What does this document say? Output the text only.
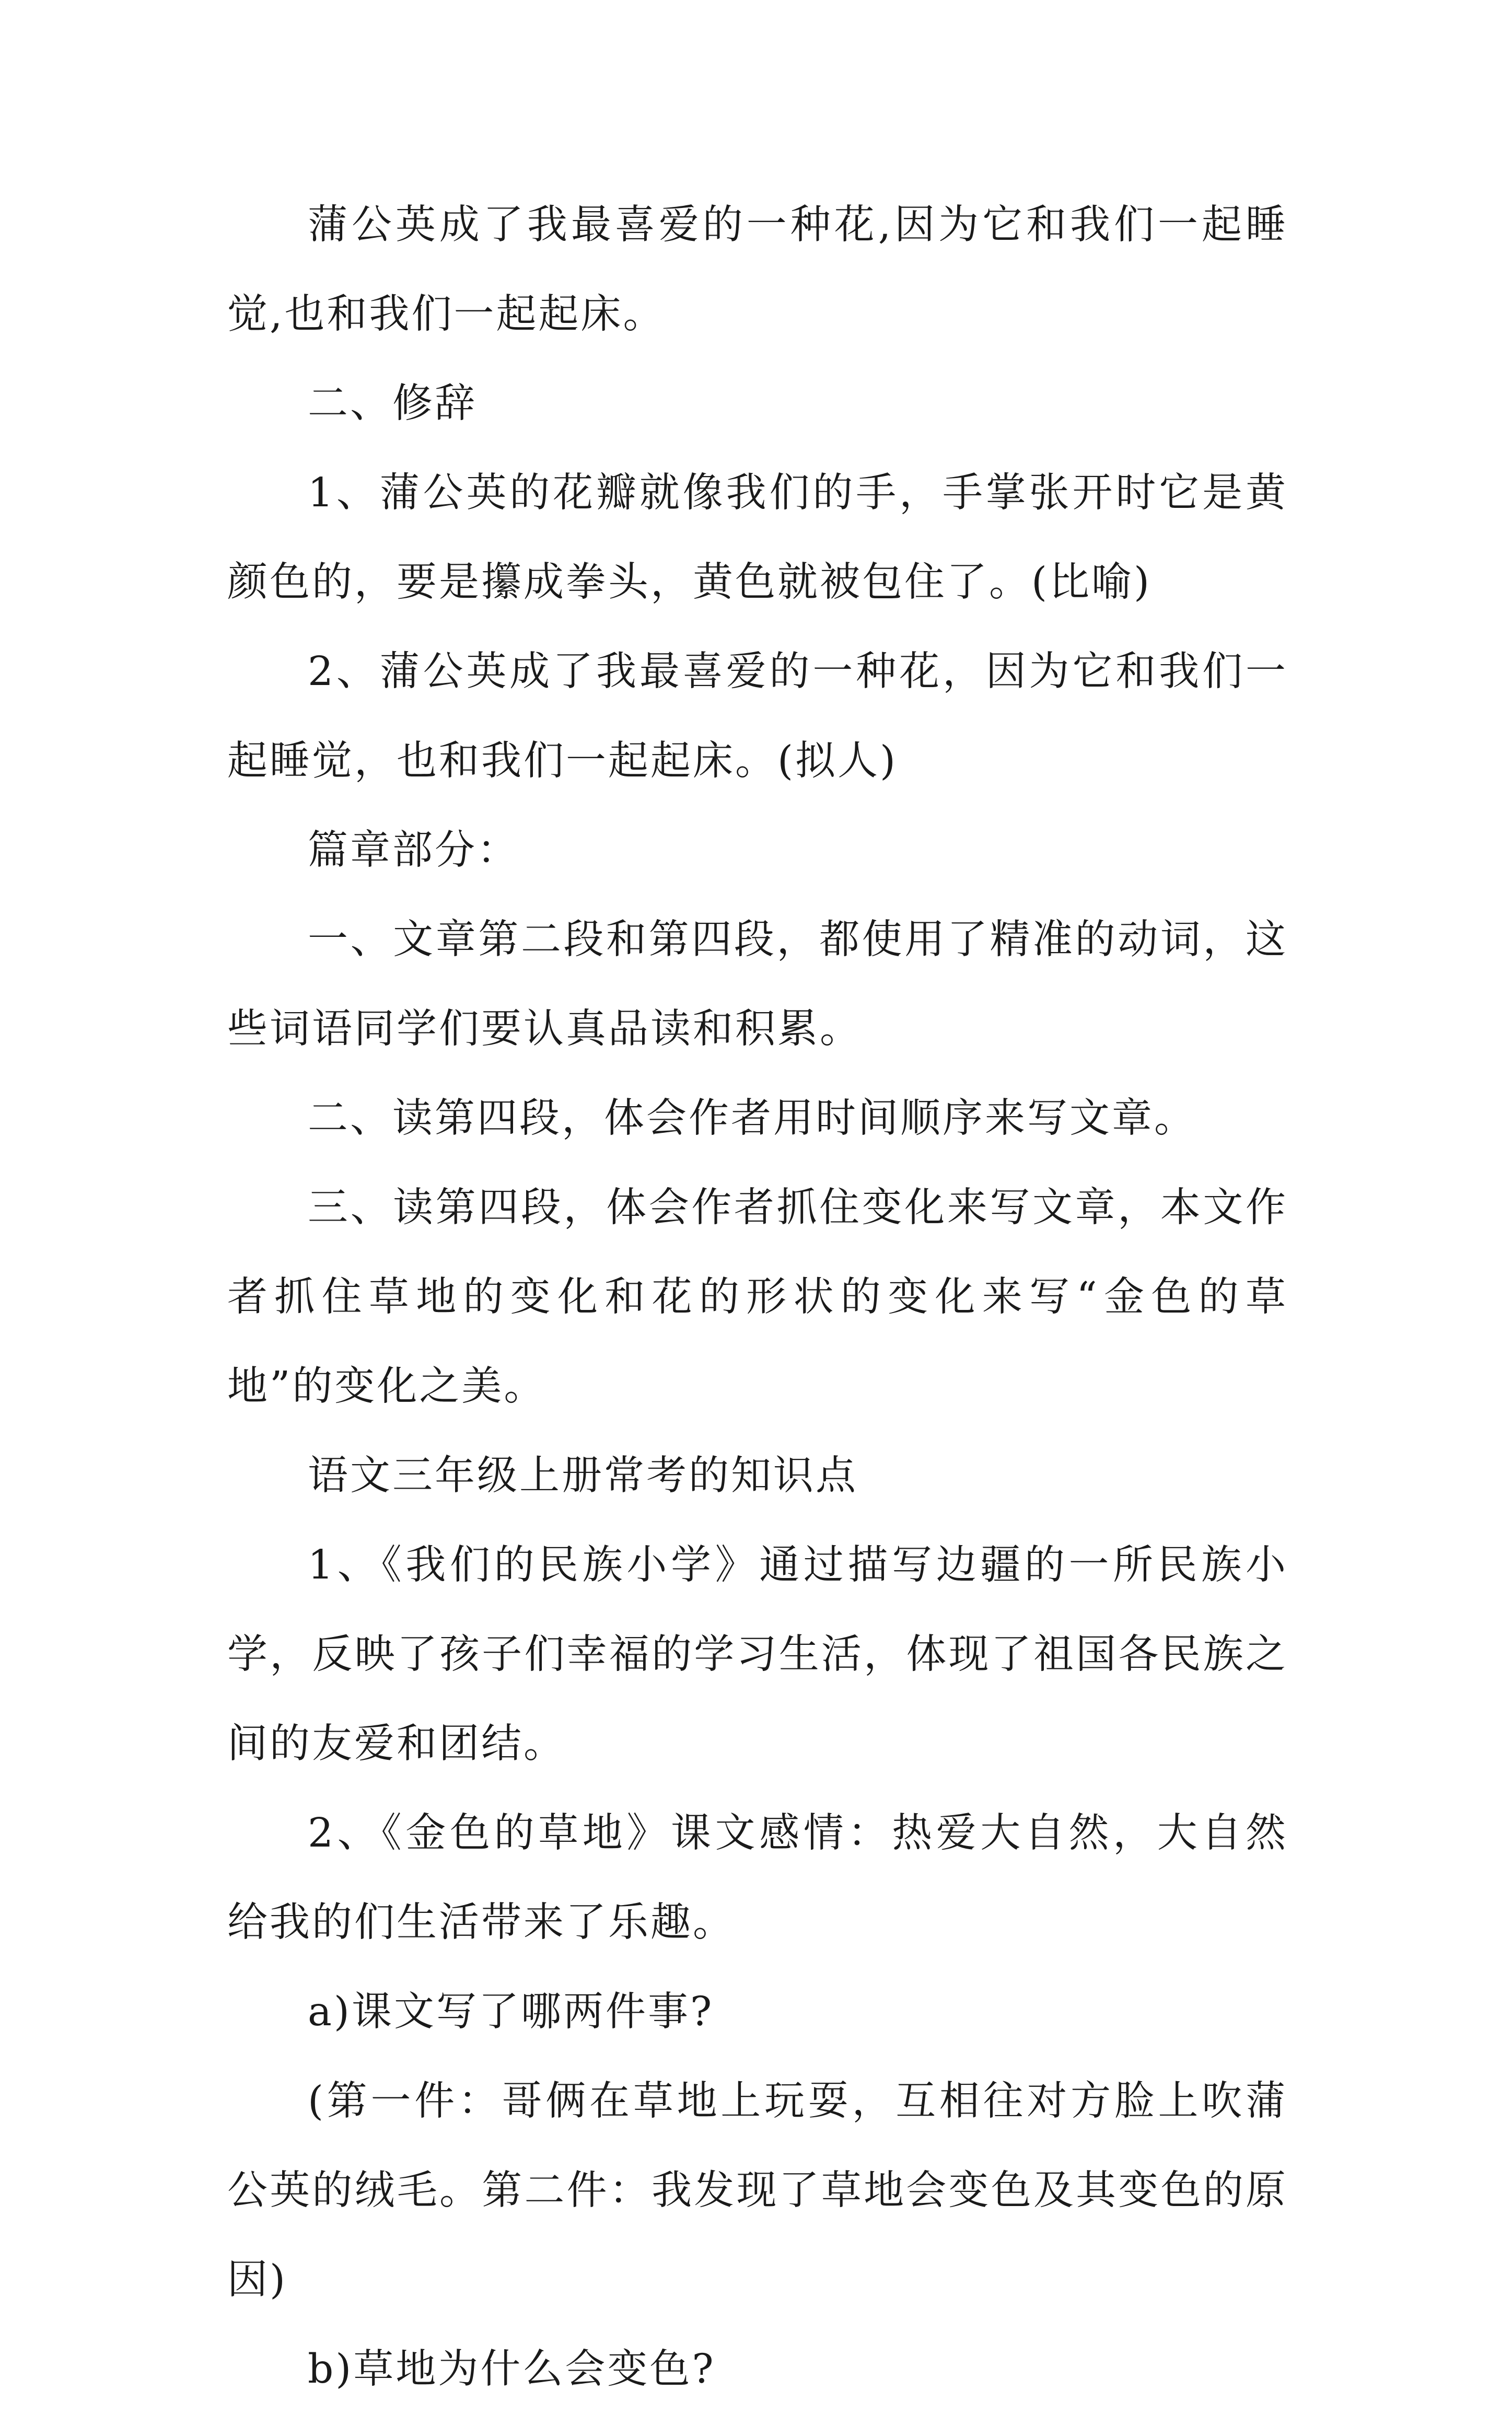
蒲公英成了我最喜爱的一种花,因为它和我们一起睡觉,也和我们一起起床。

二、修辞

1、蒲公英的花瓣就像我们的手，手掌张开时它是黄颜色的，要是攥成拳头，黄色就被包住了。(比喻)

2、蒲公英成了我最喜爱的一种花，因为它和我们一起睡觉，也和我们一起起床。(拟人)

篇章部分：

一、文章第二段和第四段，都使用了精准的动词，这些词语同学们要认真品读和积累。

二、读第四段，体会作者用时间顺序来写文章。

三、读第四段，体会作者抓住变化来写文章，本文作者抓住草地的变化和花的形状的变化来写“金色的草地”的变化之美。

语文三年级上册常考的知识点

1、《我们的民族小学》通过描写边疆的一所民族小学，反映了孩子们幸福的学习生活，体现了祖国各民族之间的友爱和团结。

2、《金色的草地》课文感情：热爱大自然，大自然给我的们生活带来了乐趣。

a)课文写了哪两件事?

(第一件：哥俩在草地上玩耍，互相往对方脸上吹蒲公英的绒毛。第二件：我发现了草地会变色及其变色的原因)

b)草地为什么会变色?
